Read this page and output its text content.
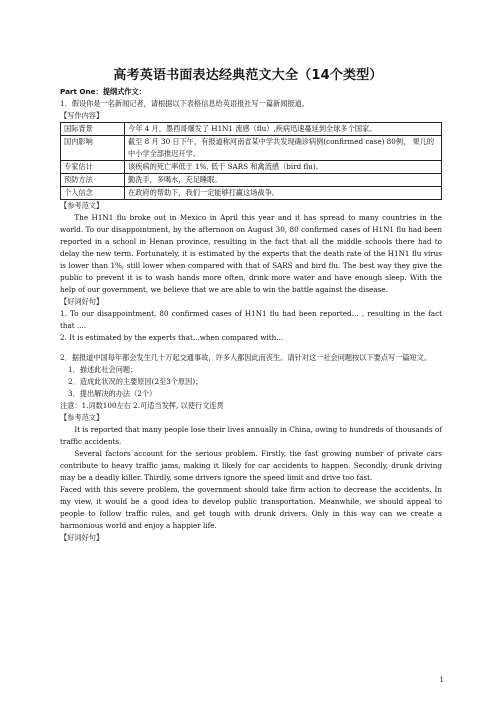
高考英语书面表达经典范文大全（14个类型）
Part One：提纲式作文：
1．假设你是一名新闻记者，请根据以下表格信息给英语报社写一篇新闻报道。
【写作内容】
国际背景	今年 4 月，墨西哥爆发了 H1N1 流感（flu）,疾病迅速蔓延到全球多个国家。
国内影响	截至 8 月 30 日下午，有报道称河南省某中学共发现确诊病例(confirmed case) 80例， 果儿的中小学全部推迟开学。
专家估计	该疾病的死亡率低于 1%, 低于 SARS 和禽流感（bird flu)。
预防方法	勤洗手，多喝水，充足睡眠。
个人信念	在政府的帮助下，我们一定能够打赢这场战争。
【参考范文】
The H1N1 flu broke out in Mexico in April this year and it has spread to many countries in the world. To our disappointment, by the afternoon on August 30, 80 confirmed cases of H1N1 flu had been reported in a school in Henan province, resulting in the fact that all the middle schools there had to delay the new term. Fortunately, it is estimated by the experts that the death rate of the H1N1 flu virus is lower than 1%, still lower when compared with that of SARS and bird flu. The best way they give the public to prevent it is to wash hands more often, drink more water and have enough sleep. With the help of our government, we believe that we are able to win the battle against the disease.
【好词好句】
1. To our disappointment, 80 confirmed cases of H1N1 flu had been reported… , resulting in the fact that ....
2. It is estimated by the experts that...when compared with...
2．据报道中国每年都会发生几十万起交通事故，许多人都因此而丧生。请针对这一社会问题按以下要点写一篇短文。
1．描述此社会问题；
2．造成此状况的主要原因(2至3个原因)；
3．提出解决的办法（2个）
注意：1.词数100左右 2.可适当发挥, 以使行文连贯
【参考范文】
It is reported that many people lose their lives annually in China, owing to hundreds of thousands of traffic accidents.
Several factors account for the serious problem. Firstly, the fast growing number of private cars contribute to heavy traffic jams, making it likely for car accidents to happen. Secondly, drunk driving may be a deadly killer. Thirdly, some drivers ignore the speed limit and drive too fast.
Faced with this severe problem, the government should take firm action to decrease the accidents. In my view, it would be a good idea to develop public transportation. Meanwhile, we should appeal to people to follow traffic rules, and get tough with drunk drivers. Only in this way can we create a harmonious world and enjoy a happier life.
【好词好句】
1
